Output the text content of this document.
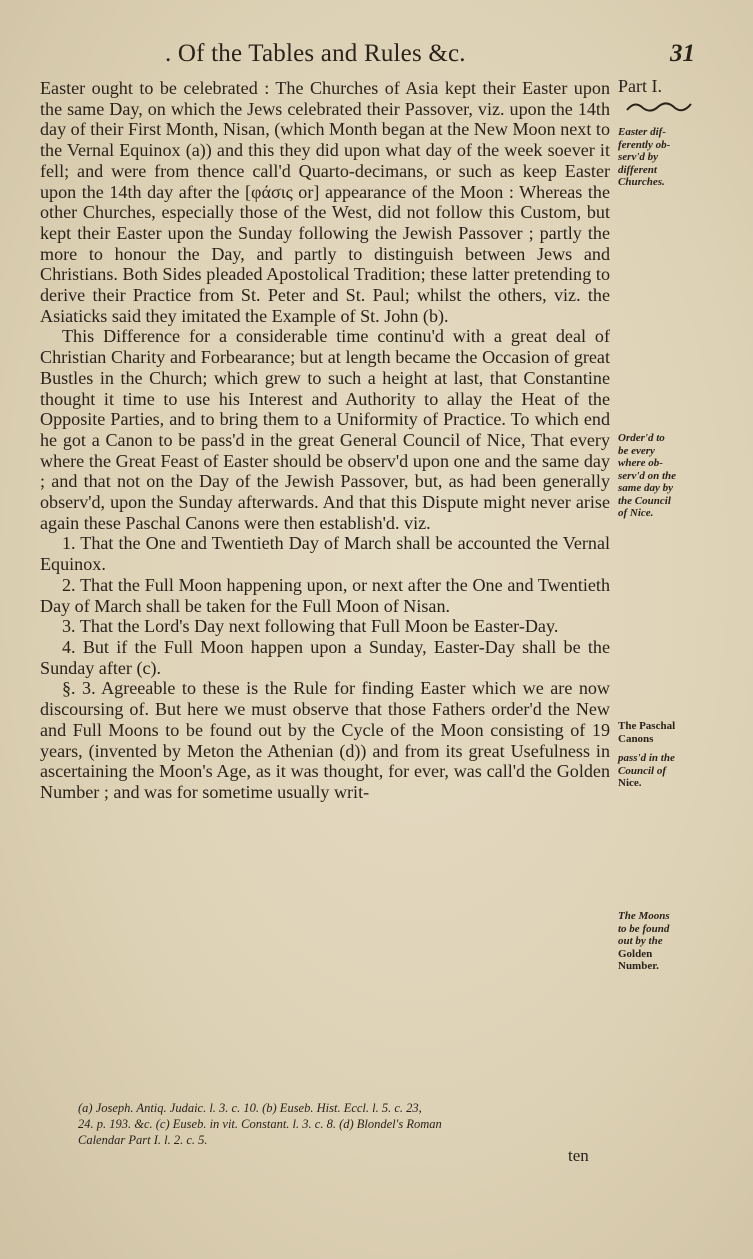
. Of the Tables and Rules &c.	31
Part I.
Easter dif-
ferently ob-
serv'd by
different
Churches.
Order'd to
be every
where ob-
serv'd on the
same day by
the Council
of Nice.
The Paschal
Canons
pass'd in the
Council of
Nice.
The Moons
to be found
out by the
Golden
Number.

Easter ought to be celebrated : The Churches of Asia kept their Easter upon the same Day, on which the Jews celebrated their Passover, viz. upon the 14th day of their First Month, Nisan, (which Month began at the New Moon next to the Vernal Equinox (a)) and this they did upon what day of the week soever it fell; and were from thence call'd Quarto-decimans, or such as keep Easter upon the 14th day after the [φάσις or] appearance of the Moon : Whereas the other Churches, especially those of the West, did not follow this Custom, but kept their Easter upon the Sunday following the Jewish Passover ; partly the more to honour the Day, and partly to distinguish between Jews and Christians. Both Sides pleaded Apostolical Tradition; these latter pretending to derive their Practice from St. Peter and St. Paul; whilst the others, viz. the Asiaticks said they imitated the Example of St. John (b).

This Difference for a considerable time continu'd with a great deal of Christian Charity and Forbearance; but at length became the Occasion of great Bustles in the Church; which grew to such a height at last, that Constantine thought it time to use his Interest and Authority to allay the Heat of the Opposite Parties, and to bring them to a Uniformity of Practice. To which end he got a Canon to be pass'd in the great General Council of Nice, That every where the Great Feast of Easter should be observ'd upon one and the same day ; and that not on the Day of the Jewish Passover, but, as had been generally observ'd, upon the Sunday afterwards. And that this Dispute might never arise again these Paschal Canons were then establish'd. viz.

1. That the One and Twentieth Day of March shall be accounted the Vernal Equinox.

2. That the Full Moon happening upon, or next after the One and Twentieth Day of March shall be taken for the Full Moon of Nisan.

3. That the Lord's Day next following that Full Moon be Easter-Day.

4. But if the Full Moon happen upon a Sunday, Easter-Day shall be the Sunday after (c).

§. 3. Agreeable to these is the Rule for finding Easter which we are now discoursing of. But here we must observe that those Fathers order'd the New and Full Moons to be found out by the Cycle of the Moon consisting of 19 years, (invented by Meton the Athenian (d)) and from its great Usefulness in ascertaining the Moon's Age, as it was thought, for ever, was call'd the Golden Number ; and was for sometime usually writ-

(a) Joseph. Antiq. Judaic. l. 3. c. 10. (b) Euseb. Hist. Eccl. l. 5. c. 23,
24. p. 193. &c. (c) Euseb. in vit. Constant. l. 3. c. 8. (d) Blondel's Roman
Calendar Part I. l. 2. c. 5.
ten
